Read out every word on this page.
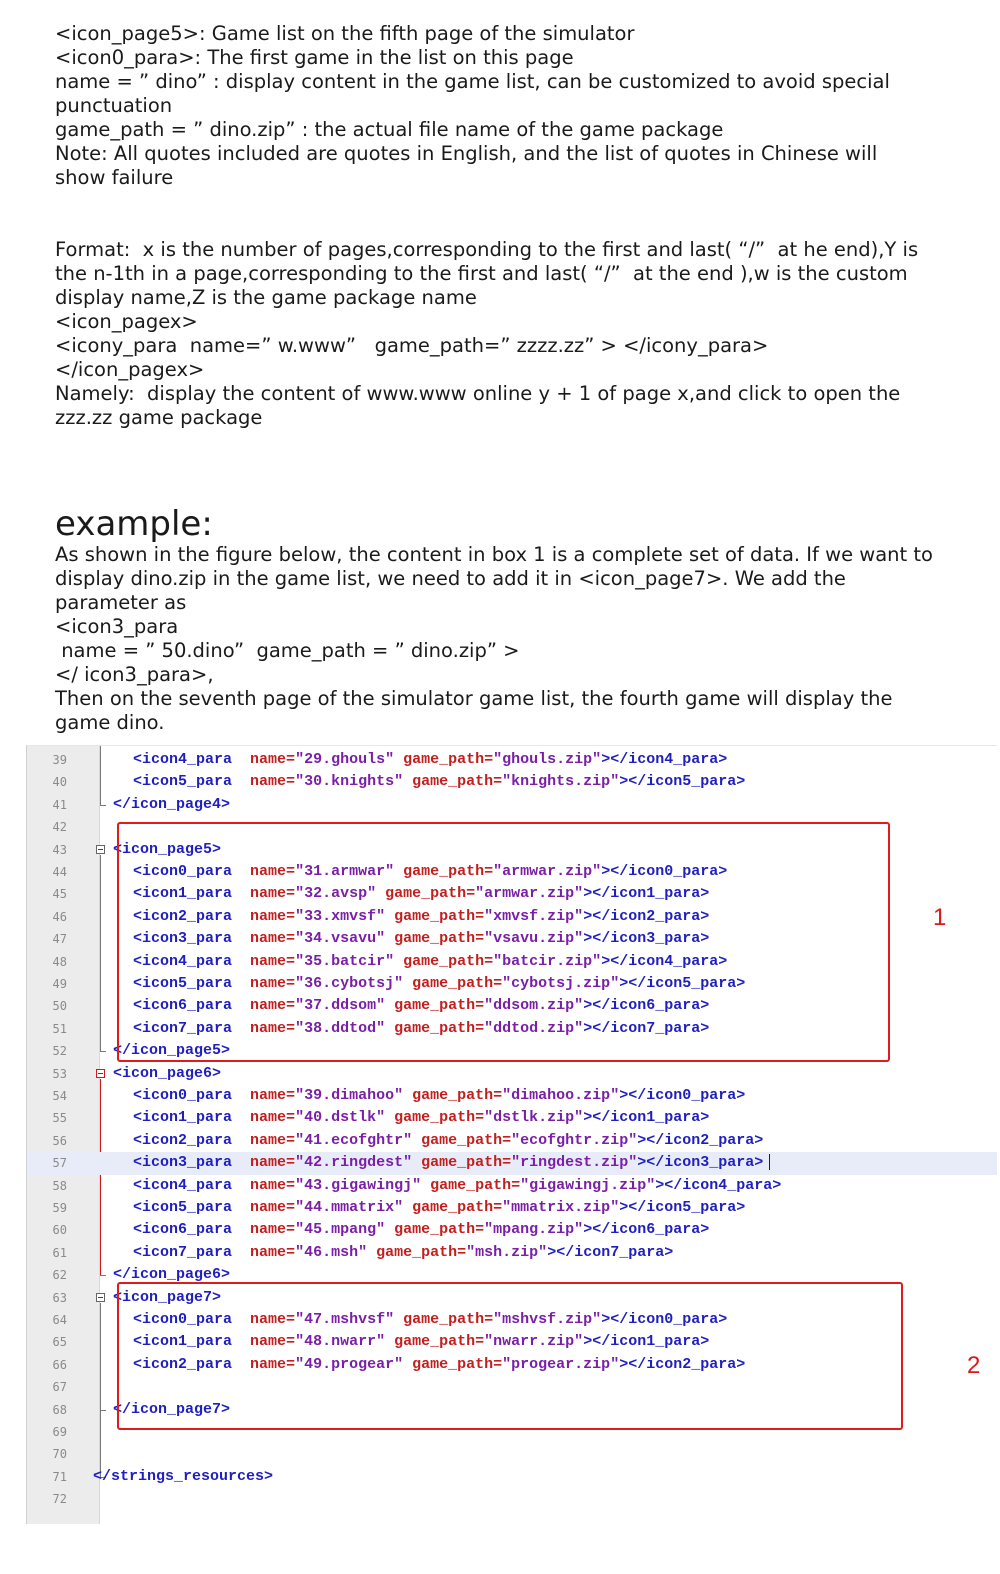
<icon_page5>: Game list on the fifth page of the simulator
<icon0_para>: The first game in the list on this page
name = ” dino” : display content in the game list, can be customized to avoid special
punctuation
game_path = ” dino.zip” : the actual file name of the game package
Note: All quotes included are quotes in English, and the list of quotes in Chinese will
show failure
Format:  x is the number of pages,corresponding to the first and last( “/”  at he end),Y is
the n-1th in a page,corresponding to the first and last( “/”  at the end ),w is the custom
display name,Z is the game package name
<icon_pagex>
<icony_para  name=” w.www”   game_path=” zzzz.zz” > </icony_para>
</icon_pagex>
Namely:  display the content of www.www online y + 1 of page x,and click to open the
zzz.zz game package
example:
As shown in the figure below, the content in box 1 is a complete set of data. If we want to
display dino.zip in the game list, we need to add it in <icon_page7>. We add the
parameter as
<icon3_para
name = ” 50.dino”  game_path = ” dino.zip” >
</ icon3_para>,
Then on the seventh page of the simulator game list, the fourth game will display the
game dino.
39	<icon4_para name="29.ghouls" game_path="ghouls.zip"></icon4_para>
40	<icon5_para name="30.knights" game_path="knights.zip"></icon5_para>
41	</icon_page4>
42
43	<icon_page5>
44	<icon0_para name="31.armwar" game_path="armwar.zip"></icon0_para>
45	<icon1_para name="32.avsp" game_path="armwar.zip"></icon1_para>
46	<icon2_para name="33.xmvsf" game_path="xmvsf.zip"></icon2_para>
47	<icon3_para name="34.vsavu" game_path="vsavu.zip"></icon3_para>
48	<icon4_para name="35.batcir" game_path="batcir.zip"></icon4_para>
49	<icon5_para name="36.cybotsj" game_path="cybotsj.zip"></icon5_para>
50	<icon6_para name="37.ddsom" game_path="ddsom.zip"></icon6_para>
51	<icon7_para name="38.ddtod" game_path="ddtod.zip"></icon7_para>
52	</icon_page5>
53	<icon_page6>
54	<icon0_para name="39.dimahoo" game_path="dimahoo.zip"></icon0_para>
55	<icon1_para name="40.dstlk" game_path="dstlk.zip"></icon1_para>
56	<icon2_para name="41.ecofghtr" game_path="ecofghtr.zip"></icon2_para>
57	<icon3_para name="42.ringdest" game_path="ringdest.zip"></icon3_para>
58	<icon4_para name="43.gigawingj" game_path="gigawingj.zip"></icon4_para>
59	<icon5_para name="44.mmatrix" game_path="mmatrix.zip"></icon5_para>
60	<icon6_para name="45.mpang" game_path="mpang.zip"></icon6_para>
61	<icon7_para name="46.msh" game_path="msh.zip"></icon7_para>
62	</icon_page6>
63	<icon_page7>
64	<icon0_para name="47.mshvsf" game_path="mshvsf.zip"></icon0_para>
65	<icon1_para name="48.nwarr" game_path="nwarr.zip"></icon1_para>
66	<icon2_para name="49.progear" game_path="progear.zip"></icon2_para>
67
68	</icon_page7>
69
70
71 </strings_resources>
72
1
2
